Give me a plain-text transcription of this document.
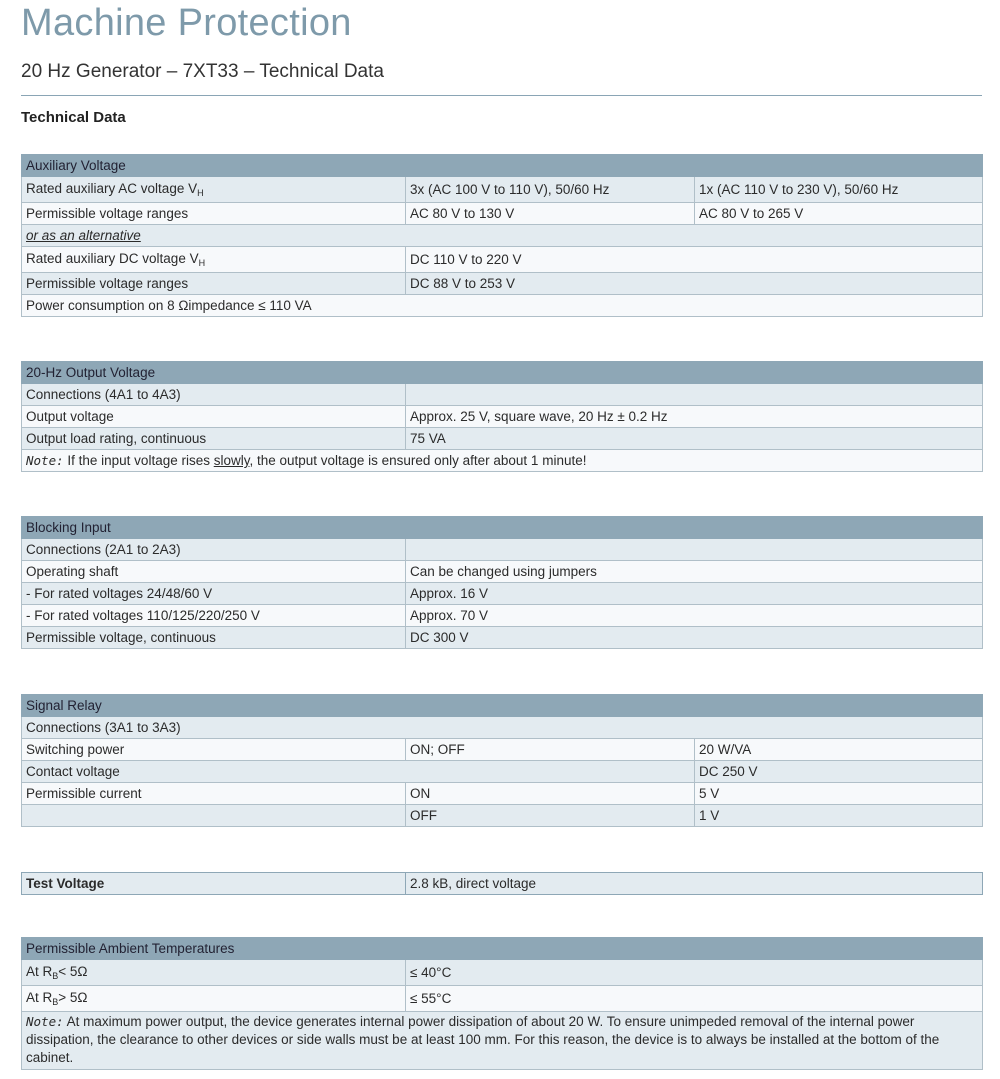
Machine Protection
20 Hz Generator – 7XT33 – Technical Data
Technical Data
Auxiliary Voltage		
Rated auxiliary AC voltage $V_H$	3x (AC 100 V to 110 V), 50/60 Hz	1x (AC 110 V to 230 V), 50/60 Hz
Permissible voltage ranges	AC 80 V to 130 V	AC 80 V to 265 V
or as an alternative		
Rated auxiliary DC voltage $V_H$	DC 110 V to 220 V	
Permissible voltage ranges	DC 88 V to 253 V	
Power consumption on 8 Ωimpedance ≤ 110 VA		
20-Hz Output Voltage	
Connections (4A1 to 4A3)	
Output voltage	Approx. 25 V, square wave, 20 Hz ± 0.2 Hz
Output load rating, continuous	75 VA
Note: If the input voltage rises slowly, the output voltage is ensured only after about 1 minute!	
Blocking Input	
Connections (2A1 to 2A3)	
Operating shaft	Can be changed using jumpers
- For rated voltages 24/48/60 V	Approx. 16 V
- For rated voltages 110/125/220/250 V	Approx. 70 V
Permissible voltage, continuous	DC 300 V
Signal Relay		
Connections (3A1 to 3A3)		
Switching power	ON; OFF	20 W/VA
Contact voltage		DC 250 V
Permissible current	ON	5 V
	OFF	1 V
Test Voltage	2.8 kB, direct voltage
Permissible Ambient Temperatures	
At $R_B< 5\Omega$	≤ 40°C
At $R_B> 5\Omega$	≤ 55°C
Note: At maximum power output, the device generates internal power dissipation of about 20 W. To ensure unimpeded removal of the internal power dissipation, the clearance to other devices or side walls must be at least 100 mm. For this reason, the device is to always be installed at the bottom of the cabinet.	
